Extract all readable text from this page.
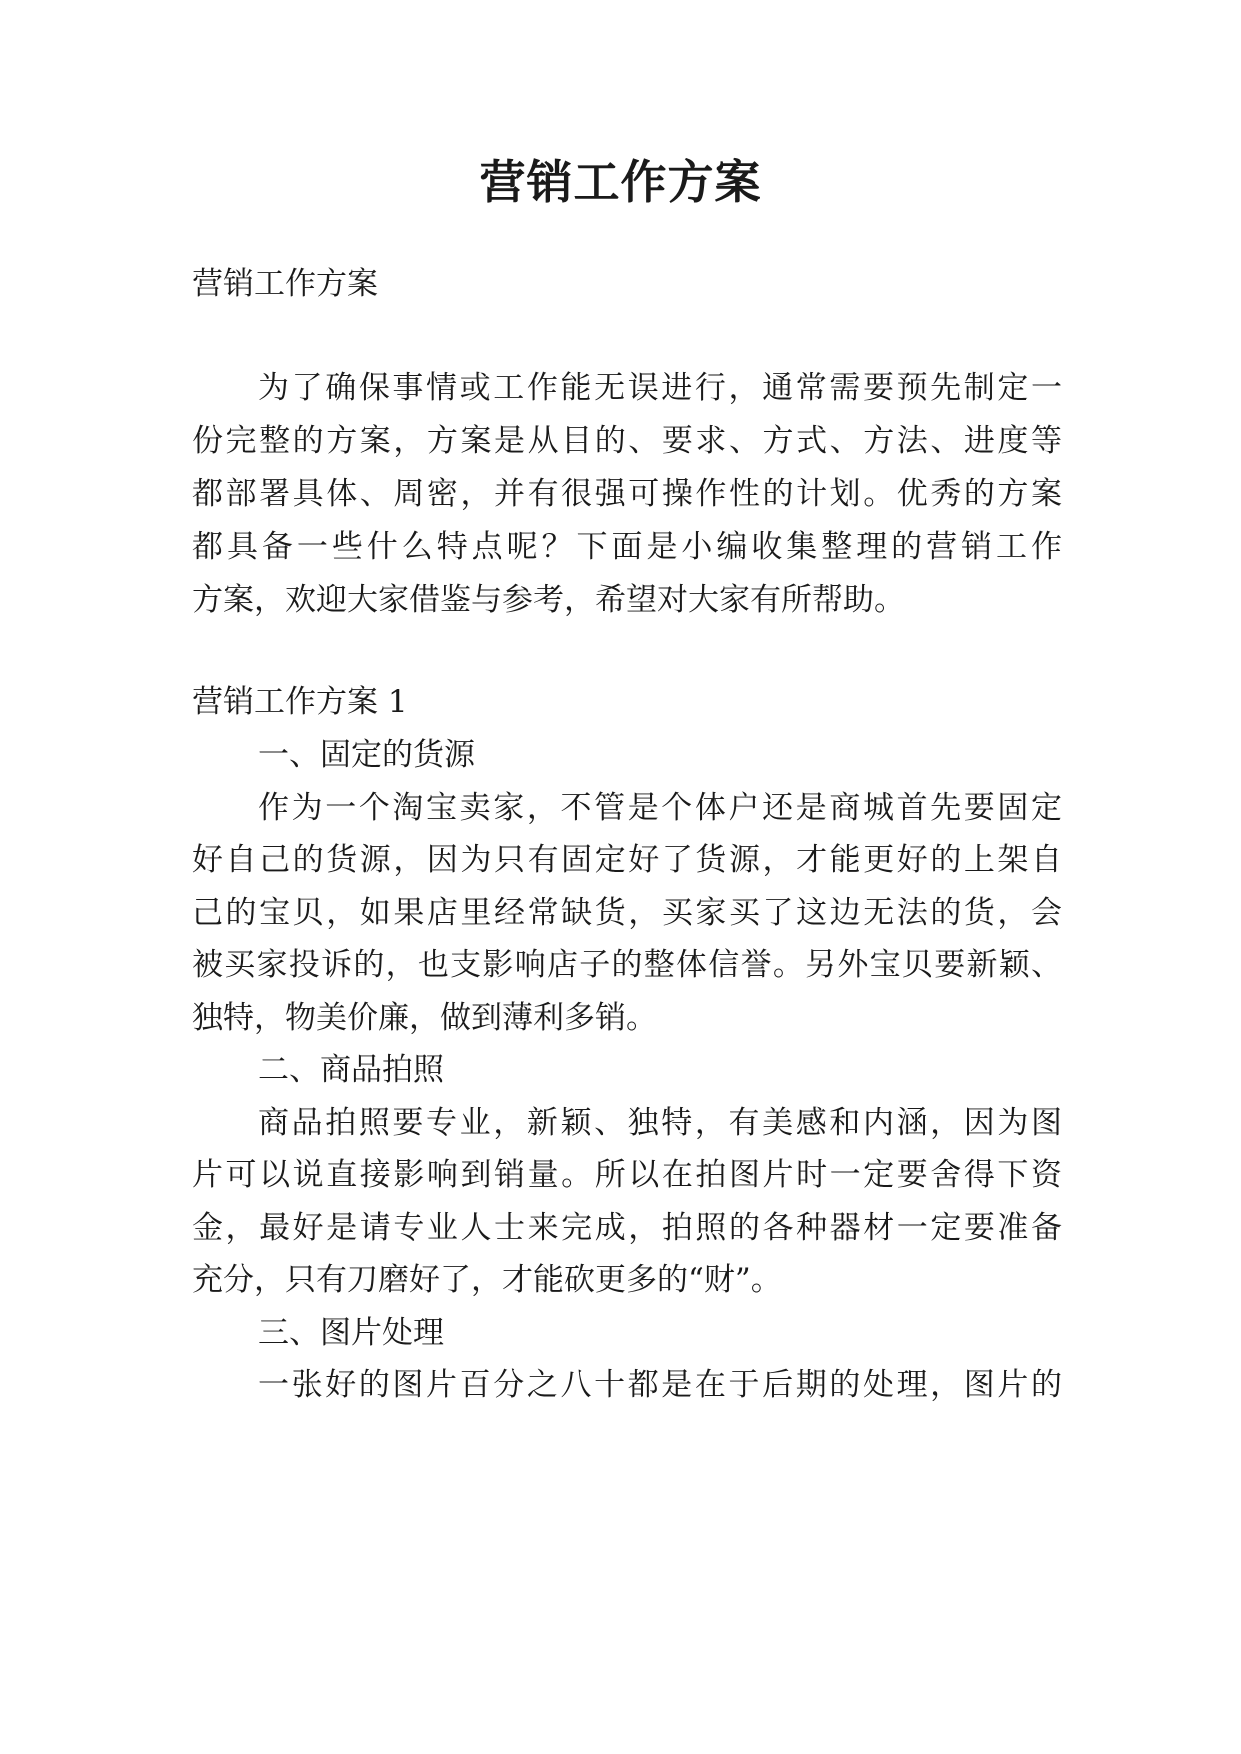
营销工作方案
营销工作方案
为了确保事情或工作能无误进行，通常需要预先制定一
份完整的方案，方案是从目的、要求、方式、方法、进度等
都部署具体、周密，并有很强可操作性的计划。优秀的方案
都具备一些什么特点呢？下面是小编收集整理的营销工作
方案，欢迎大家借鉴与参考，希望对大家有所帮助。
营销工作方案 1
一、固定的货源
作为一个淘宝卖家，不管是个体户还是商城首先要固定
好自己的货源，因为只有固定好了货源，才能更好的上架自
己的宝贝，如果店里经常缺货，买家买了这边无法的货，会
被买家投诉的，也支影响店子的整体信誉。另外宝贝要新颖、
独特，物美价廉，做到薄利多销。
二、商品拍照
商品拍照要专业，新颖、独特，有美感和内涵，因为图
片可以说直接影响到销量。所以在拍图片时一定要舍得下资
金，最好是请专业人士来完成，拍照的各种器材一定要准备
充分，只有刀磨好了，才能砍更多的“财”。
三、图片处理
一张好的图片百分之八十都是在于后期的处理，图片的
